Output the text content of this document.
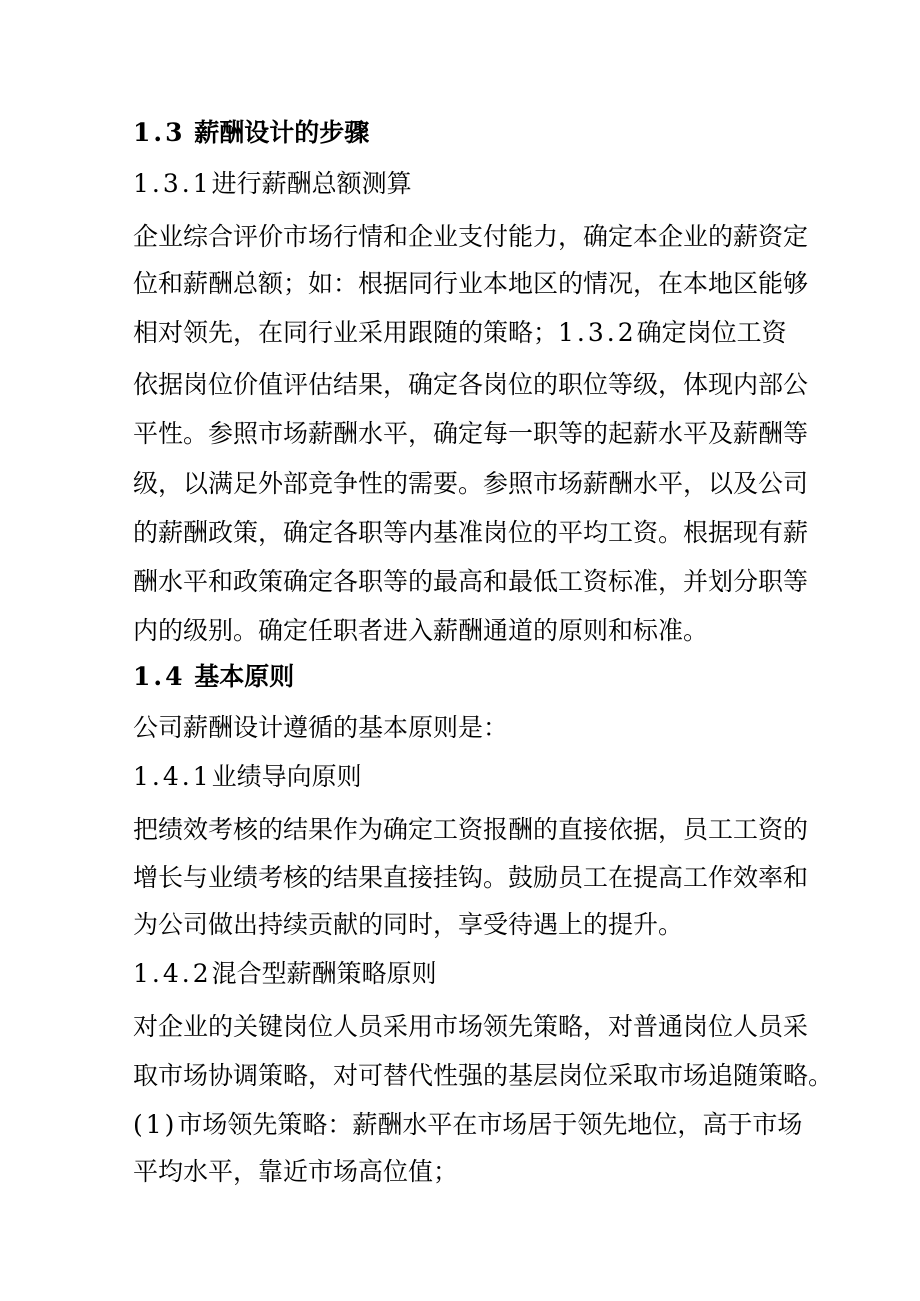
1.3 薪酬设计的步骤
1.3.1进行薪酬总额测算
企业综合评价市场行情和企业支付能力，确定本企业的薪资定
位和薪酬总额；如：根据同行业本地区的情况，在本地区能够
相对领先，在同行业采用跟随的策略；1.3.2确定岗位工资
依据岗位价值评估结果，确定各岗位的职位等级，体现内部公
平性。参照市场薪酬水平，确定每一职等的起薪水平及薪酬等
级，以满足外部竞争性的需要。参照市场薪酬水平，以及公司
的薪酬政策，确定各职等内基准岗位的平均工资。根据现有薪
酬水平和政策确定各职等的最高和最低工资标准，并划分职等
内的级别。确定任职者进入薪酬通道的原则和标准。
1.4 基本原则
公司薪酬设计遵循的基本原则是：
1.4.1业绩导向原则
把绩效考核的结果作为确定工资报酬的直接依据，员工工资的
增长与业绩考核的结果直接挂钩。鼓励员工在提高工作效率和
为公司做出持续贡献的同时，享受待遇上的提升。
1.4.2混合型薪酬策略原则
对企业的关键岗位人员采用市场领先策略，对普通岗位人员采
取市场协调策略，对可替代性强的基层岗位采取市场追随策略。
(1)市场领先策略：薪酬水平在市场居于领先地位，高于市场
平均水平，靠近市场高位值；
